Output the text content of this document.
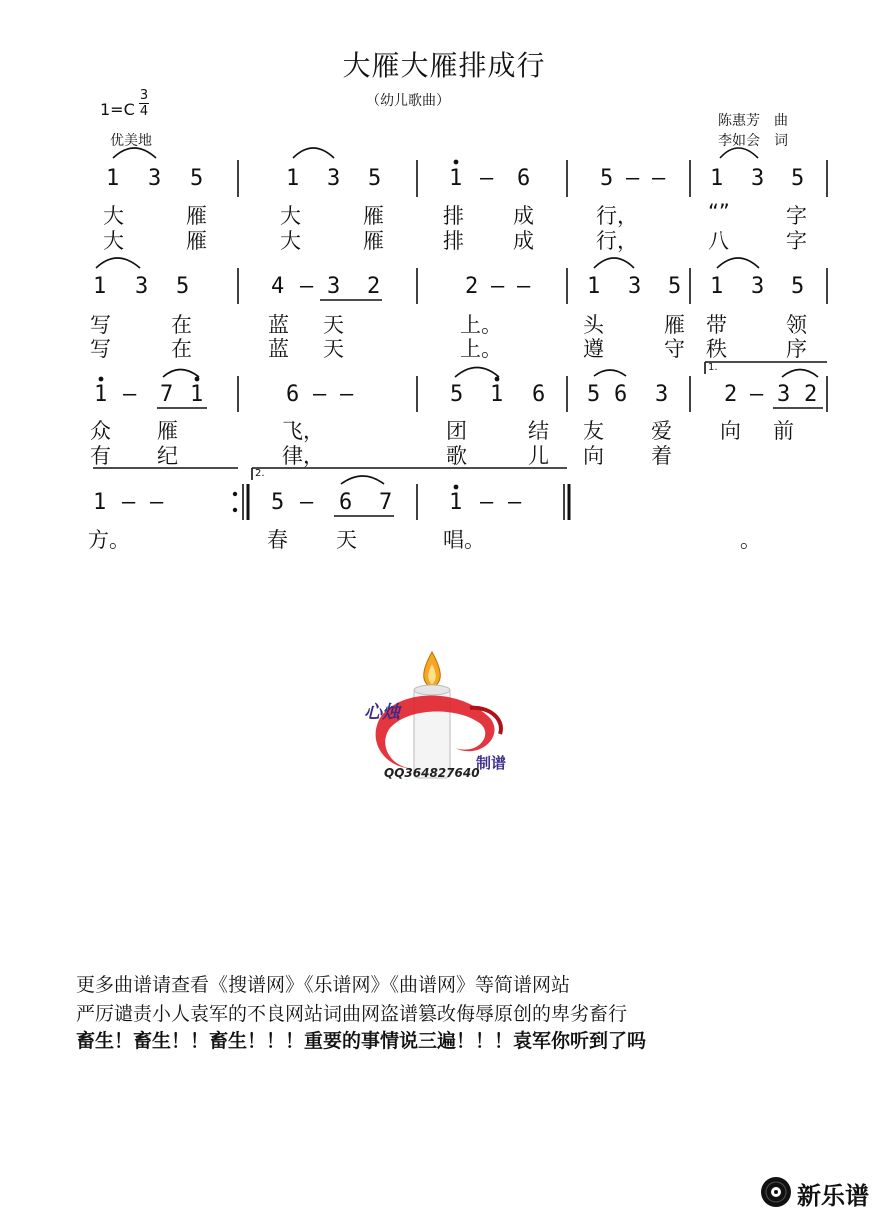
大雁大雁排成行
（幼儿歌曲）
1=C
3
4
优美地
陈惠芳　曲
李如会　词
1 3 5	1 3 5	1 – 6	5 – – 1 3 5
大	雁	大	雁	排 成	行，	“”	字
大	雁	大	雁	排 成	行，	八	字
1 3 5	4 – 3 2	2 – –	1 3 5 1 3 5
写	在	蓝 天	上。	头	雁 带	领
写	在	蓝 天	上。	遵	守 秩	序
1 – 7 1	6 – –	5 1 6 5 6 3	2 – 3 2
1.
众 雁	飞，	团	结 友 爱 向 前
有 纪	律，	歌	儿 向 着
1 – –	5 – 6 7	1 – –
2.
方。	春 天	唱。	。
心烛
制谱
QQ364827640
更多曲谱请查看《搜谱网》《乐谱网》《曲谱网》等简谱网站
严厉谴责小人袁军的不良网站词曲网盗谱篡改侮辱原创的卑劣畜行
畜生！畜生！！畜生！！！重要的事情说三遍！！！袁军你听到了吗
新乐谱
